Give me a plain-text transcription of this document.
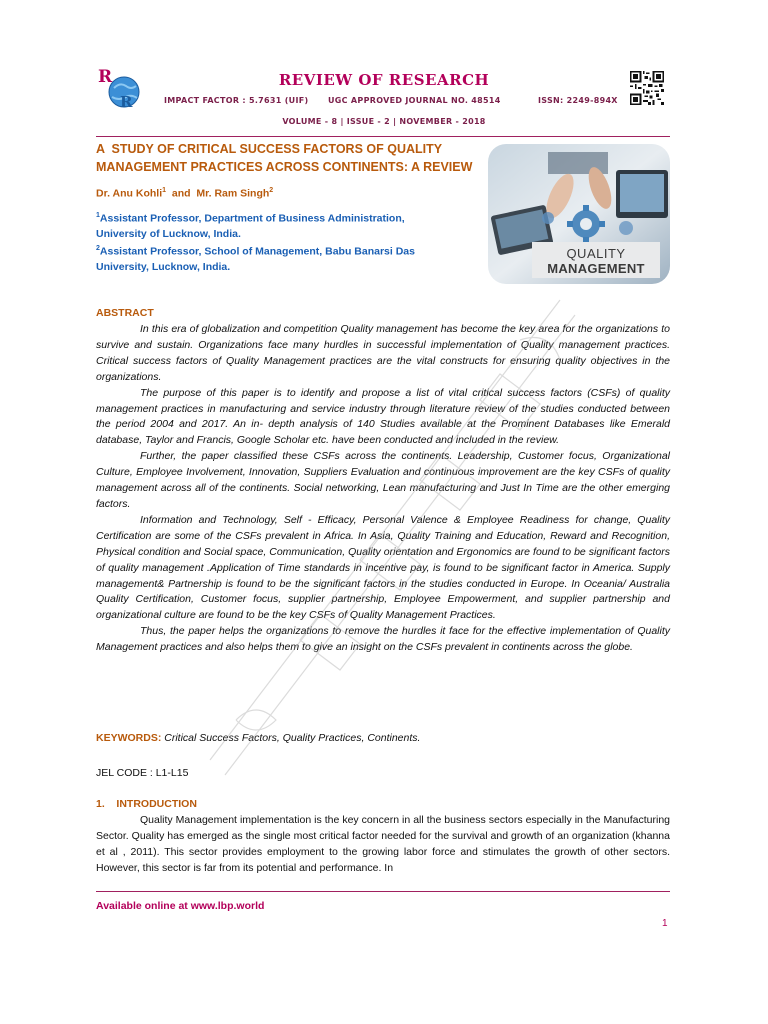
R
R
REVIEW OF RESEARCH
IMPACT FACTOR : 5.7631 (UIF) UGC APPROVED JOURNAL NO. 48514	ISSN: 2249-894X
VOLUME - 8 | ISSUE - 2 | NOVEMBER - 2018
A  STUDY OF CRITICAL SUCCESS FACTORS OF QUALITY
MANAGEMENT PRACTICES ACROSS CONTINENTS: A REVIEW
Dr. Anu Kohli$^1$  and  Mr. Ram Singh$^2$
$^1$Assistant Professor, Department of Business Administration,
University of Lucknow, India.
$^2$Assistant Professor, School of Management, Babu Banarsi Das
University, Lucknow, India.
QUALITY
MANAGEMENT
ABSTRACT

In this era of globalization and competition Quality management has become the key area for the organizations to survive and sustain. Organizations face many hurdles in successful implementation of Quality management practices. Critical success factors of Quality Management practices are the vital constructs for ensuring quality objectives in the organizations.

The purpose of this paper is to identify and propose a list of vital critical success factors (CSFs) of quality management practices in manufacturing and service industry through literature review of the studies conducted between the period 2004 and 2017. An in- depth analysis of 140 Studies available at the Prominent Databases like Emerald database, Taylor and Francis, Google Scholar etc. have been conducted and included in the review.

Further, the paper classified these CSFs across the continents. Leadership, Customer focus, Organizational Culture, Employee Involvement, Innovation, Suppliers Evaluation and continuous improvement are the key CSFs of quality management across all of the continents. Social networking, Lean manufacturing and Just In Time are the other emerging factors.

Information and Technology, Self - Efficacy, Personal Valence & Employee Readiness for change, Quality Certification are some of the CSFs prevalent in Africa. In Asia, Quality Training and Education, Reward and Recognition, Physical condition and Social space, Communication, Quality orientation and Ergonomics are found to be significant factors of quality management .Application of Time standards in incentive pay, is found to be significant factor in America. Supply management& Partnership is found to be the significant factors in the studies conducted in Europe. In Oceania/ Australia Quality Certification, Customer focus, supplier partnership, Employee Empowerment, and supplier partnership and organizational culture are found to be the key CSFs of Quality Management Practices.

Thus, the paper helps the organizations to remove the hurdles it face for the effective implementation of Quality Management practices and also helps them to give an insight on the CSFs prevalent in continents across the globe.

KEYWORDS: Critical Success Factors, Quality Practices, Continents.
JEL CODE : L1-L15
1.    INTRODUCTION

Quality Management implementation is the key concern in all the business sectors especially in the Manufacturing Sector. Quality has emerged as the single most critical factor needed for the survival and growth of an organization (khanna et al , 2011). This sector provides employment to the growing labor force and stimulates the growth of other sectors. However, this sector is far from its potential and performance. In

Available online at www.lbp.world
1
